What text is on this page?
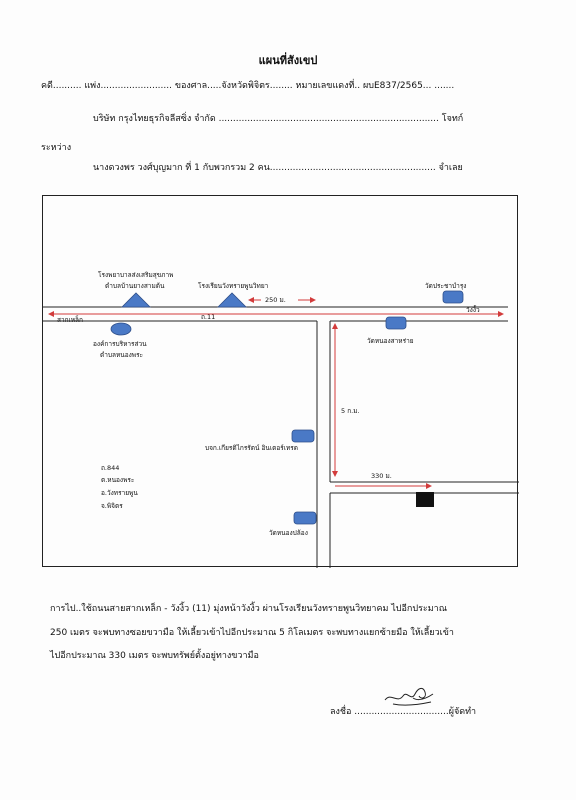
แผนที่สังเขป
คดี.......... แพ่ง......................... ของศาล.....จังหวัดพิจิตร........ หมายเลขแดงที่.. ผบE837/2565... .......
บริษัท กรุงไทยธุรกิจลีสซิ่ง จำกัด ............................................................................. โจทก์
ระหว่าง
นางดวงพร วงศ์บุญมาก ที่ 1 กับพวกรวม 2 คน.......................................................... จำเลย
โรงพยาบาลส่งเสริมสุขภาพ
ตำบลบ้านยางสามต้น	โรงเรียนวังทรายพูนวิทยา	วัดประชาบำรุง
250 ม.
สากเหล็ก
วังงิ้ว
ถ.11
องค์การบริหารส่วน
ตำบลหนองพระ
วัดหนองสาหร่าย
5 ก.ม.
บจก.เกียรติไกรรัตน์ อินเตอร์เทรด
330 ม.
ถ.844
ต.หนองพระ
อ.วังทรายพูน
จ.พิจิตร
วัดหนองปล้อง
การไป..ใช้ถนนสายสากเหล็ก - วังงิ้ว (11) มุ่งหน้าวังงิ้ว ผ่านโรงเรียนวังทรายพูนวิทยาคม ไปอีกประมาณ
250 เมตร จะพบทางซอยขวามือ ให้เลี้ยวเข้าไปอีกประมาณ 5 กิโลเมตร จะพบทางแยกซ้ายมือ ให้เลี้ยวเข้า
ไปอีกประมาณ 330 เมตร จะพบทรัพย์ตั้งอยู่ทางขวามือ
ลงชื่อ .................................ผู้จัดทำ
